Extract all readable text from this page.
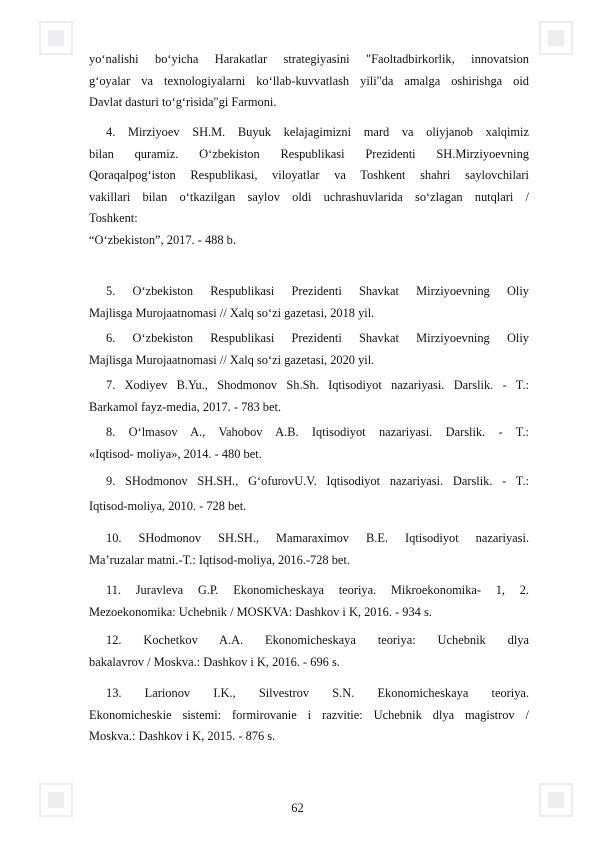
yo‘nalishi bo‘yicha Harakatlar strategiyasini "Faoltadbirkorlik, innovatsion
g‘oyalar va texnologiyalarni ko‘llab-kuvvatlash yili"da amalga oshirishga oid
Davlat dasturi to‘g‘risida"gi Farmoni.
4. Mirziyoev SH.M. Buyuk kelajagimizni mard va oliyjanob xalqimiz
bilan quramiz. O‘zbekiston Respublikasi Prezidenti SH.Mirziyoevning
Qoraqalpog‘iston Respublikasi, viloyatlar va Toshkent shahri saylovchilari
vakillari bilan o‘tkazilgan saylov oldi uchrashuvlarida so‘zlagan nutqlari /
Toshkent:
“O‘zbekiston”, 2017. - 488 b.
5. O‘zbekiston Respublikasi Prezidenti Shavkat Mirziyoevning Oliy
Majlisga Murojaatnomasi // Xalq so‘zi gazetasi, 2018 yil.
6. O‘zbekiston Respublikasi Prezidenti Shavkat Mirziyoevning Oliy
Majlisga Murojaatnomasi // Xalq so‘zi gazetasi, 2020 yil.
7. Xodiyev B.Yu., Shodmonov Sh.Sh. Iqtisodiyot nazariyasi. Darslik. - T.:
Barkamol fayz-media, 2017. - 783 bet.
8. O‘lmasov A., Vahobov A.B. Iqtisodiyot nazariyasi. Darslik. - T.:
«Iqtisod- moliya», 2014. - 480 bet.
9. SHodmonov SH.SH., G‘ofurovU.V. Iqtisodiyot nazariyasi. Darslik. - T.:
Iqtisod-moliya, 2010. - 728 bet.
10. SHodmonov SH.SH., Mamaraximov B.E. Iqtisodiyot nazariyasi.
Ma’ruzalar matni.-T.: Iqtisod-moliya, 2016.-728 bet.
11. Juravleva G.P. Ekonomicheskaya teoriya. Mikroekonomika- 1, 2.
Mezoekonomika: Uchebnik / MOSKVA: Dashkov i K, 2016. - 934 s.
12. Kochetkov A.A. Ekonomicheskaya teoriya: Uchebnik dlya
bakalavrov / Moskva.: Dashkov i K, 2016. - 696 s.
13. Larionov I.K., Silvestrov S.N. Ekonomicheskaya teoriya.
Ekonomicheskie sistemi: formirovanie i razvitie: Uchebnik dlya magistrov /
Moskva.: Dashkov i K, 2015. - 876 s.
62
